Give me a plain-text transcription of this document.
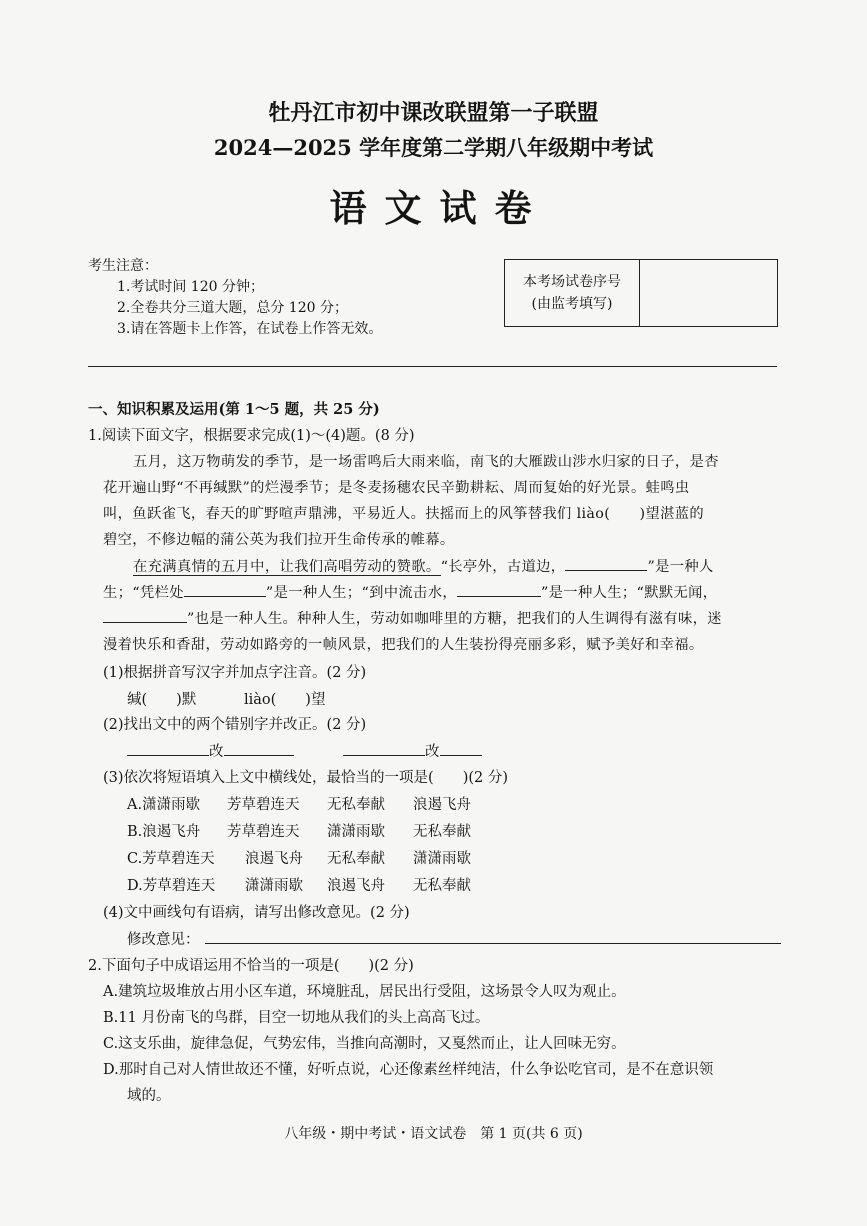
牡丹江市初中课改联盟第一子联盟
2024—2025 学年度第二学期八年级期中考试
语文试卷
考生注意：
1.考试时间 120 分钟；
2.全卷共分三道大题，总分 120 分；
3.请在答题卡上作答，在试卷上作答无效。
本考场试卷序号
(由监考填写)
一、知识积累及运用(第 1～5 题，共 25 分)
1.阅读下面文字，根据要求完成(1)～(4)题。(8 分)
五月，这万物萌发的季节，是一场雷鸣后大雨来临，南飞的大雁跋山涉水归家的日子，是杏
花开遍山野“不再缄默”的烂漫季节；是冬麦扬穗农民辛勤耕耘、周而复始的好光景。蛙鸣虫
叫，鱼跃雀飞，春天的旷野喧声鼎沸，平易近人。扶摇而上的风筝替我们 liào(　　)望湛蓝的
碧空，不修边幅的蒲公英为我们拉开生命传承的帷幕。
在充满真情的五月中，让我们高唱劳动的赞歌。“长亭外，古道边，	”是一种人
生；“凭栏处	”是一种人生；“到中流击水，	”是一种人生；“默默无闻，
”也是一种人生。种种人生，劳动如咖啡里的方糖，把我们的人生调得有滋有味，迷
漫着快乐和香甜，劳动如路旁的一帧风景，把我们的人生装扮得亮丽多彩，赋予美好和幸福。
(1)根据拼音写汉字并加点字注音。(2 分)
缄(　　)默	liào(　　)望
(2)找出文中的两个错别字并改正。(2 分)
改	改
(3)依次将短语填入上文中横线处，最恰当的一项是(　　)(2 分)
A.潇潇雨歇 芳草碧连天 无私奉献 浪遏飞舟
B.浪遏飞舟 芳草碧连天 潇潇雨歇 无私奉献
C.芳草碧连天 浪遏飞舟 无私奉献 潇潇雨歇
D.芳草碧连天 潇潇雨歇 浪遏飞舟 无私奉献
(4)文中画线句有语病，请写出修改意见。(2 分)
修改意见：
2.下面句子中成语运用不恰当的一项是(　　)(2 分)
A.建筑垃圾堆放占用小区车道，环境脏乱，居民出行受阻，这场景令人叹为观止。
B.11 月份南飞的鸟群，目空一切地从我们的头上高高飞过。
C.这支乐曲，旋律急促，气势宏伟，当推向高潮时，又戛然而止，让人回味无穷。
D.那时自己对人情世故还不懂，好听点说，心还像素丝样纯洁，什么争讼吃官司，是不在意识领
域的。
八年级・期中考试・语文试卷　第 1 页(共 6 页)
